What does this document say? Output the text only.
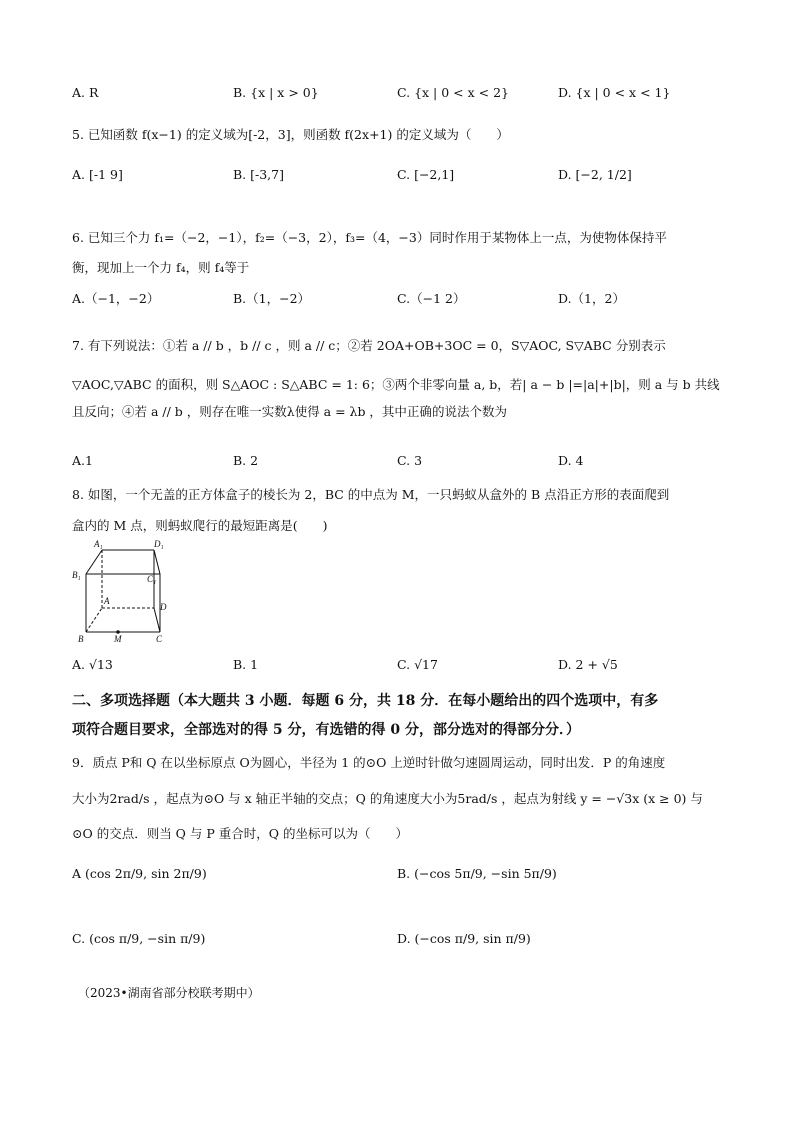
A. R	B. {x | x > 0}	C. {x | 0 < x < 2}	D. {x | 0 < x < 1}
5. 已知函数 f(x−1) 的定义域为[-2，3]，则函数 f(2x+1) 的定义域为（　　）
A. [-1 9]	B. [-3,7]	C. [−2,1]	D. [−2, 1/2]
6. 已知三个力 f₁=（−2，−1），f₂=（−3，2），f₃=（4，−3）同时作用于某物体上一点，为使物体保持平
衡，现加上一个力 f₄，则 f₄等于
A.（−1，−2）	B.（1，−2）	C.（−1 2）	D.（1，2）
7. 有下列说法：①若 a // b ，b // c ，则 a // c；②若 2OA+OB+3OC = 0，S▽AOC, S▽ABC 分别表示
▽AOC,▽ABC 的面积，则 S△AOC : S△ABC = 1: 6；③两个非零向量 a, b，若| a − b |=|a|+|b|，则 a 与 b 共线
且反向；④若 a // b ，则存在唯一实数λ使得 a = λb ，其中正确的说法个数为
A.1	B. 2	C. 3	D. 4
8. 如图，一个无盖的正方体盒子的棱长为 2，BC 的中点为 M，一只蚂蚁从盒外的 B 点沿正方形的表面爬到
盒内的 M 点，则蚂蚁爬行的最短距离是(　　)
A₁	D₁
B₁	C₁
A
D
B	M	C
A. √13	B. 1	C. √17	D. 2 + √5
二、多项选择题（本大题共 3 小题．每题 6 分，共 18 分．在每小题给出的四个选项中，有多
项符合题目要求，全部选对的得 5 分，有选错的得 0 分，部分选对的得部分分．）
9．质点 P和 Q 在以坐标原点 O为圆心，半径为 1 的⊙O 上逆时针做匀速圆周运动，同时出发．P 的角速度
大小为2rad/s ，起点为⊙O 与 x 轴正半轴的交点；Q 的角速度大小为5rad/s ，起点为射线 y = −√3x (x ≥ 0) 与
⊙O 的交点．则当 Q 与 P 重合时，Q 的坐标可以为（　　）
A (cos 2π/9, sin 2π/9)	B. (−cos 5π/9, −sin 5π/9)
C. (cos π/9, −sin π/9)	D. (−cos π/9, sin π/9)
（2023•湖南省部分校联考期中）
